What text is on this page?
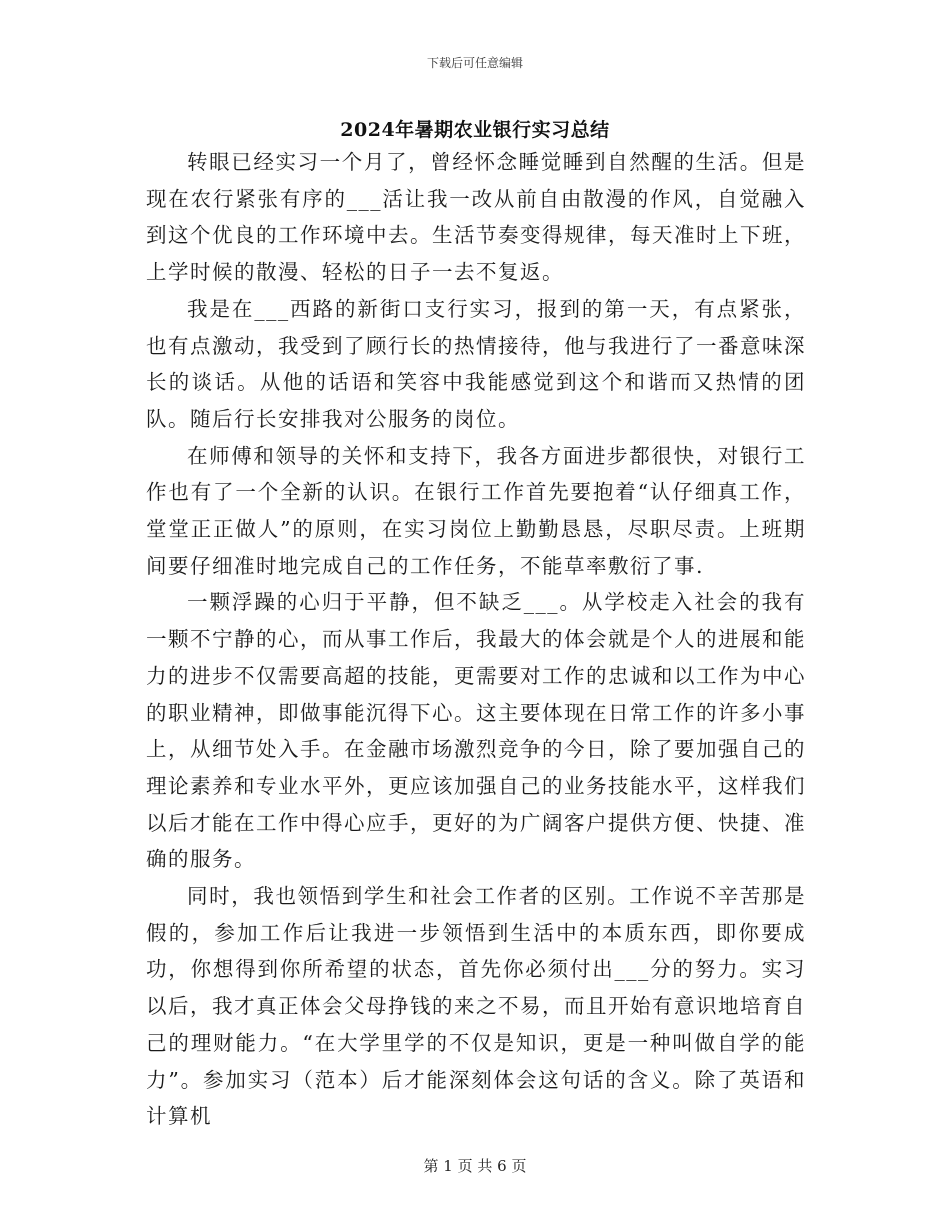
下载后可任意编辑
2024年暑期农业银行实习总结

转眼已经实习一个月了，曾经怀念睡觉睡到自然醒的生活。但是现在农行紧张有序的___活让我一改从前自由散漫的作风，自觉融入到这个优良的工作环境中去。生活节奏变得规律，每天准时上下班，上学时候的散漫、轻松的日子一去不复返。

我是在___西路的新街口支行实习，报到的第一天，有点紧张，也有点激动，我受到了顾行长的热情接待，他与我进行了一番意味深长的谈话。从他的话语和笑容中我能感觉到这个和谐而又热情的团队。随后行长安排我对公服务的岗位。

在师傅和领导的关怀和支持下，我各方面进步都很快，对银行工作也有了一个全新的认识。在银行工作首先要抱着“认仔细真工作，堂堂正正做人”的原则，在实习岗位上勤勤恳恳，尽职尽责。上班期间要仔细准时地完成自己的工作任务，不能草率敷衍了事.

一颗浮躁的心归于平静，但不缺乏___。从学校走入社会的我有一颗不宁静的心，而从事工作后，我最大的体会就是个人的进展和能力的进步不仅需要高超的技能，更需要对工作的忠诚和以工作为中心的职业精神，即做事能沉得下心。这主要体现在日常工作的许多小事上，从细节处入手。在金融市场激烈竞争的今日，除了要加强自己的理论素养和专业水平外，更应该加强自己的业务技能水平，这样我们以后才能在工作中得心应手，更好的为广阔客户提供方便、快捷、准确的服务。

同时，我也领悟到学生和社会工作者的区别。工作说不辛苦那是假的，参加工作后让我进一步领悟到生活中的本质东西，即你要成功，你想得到你所希望的状态，首先你必须付出___分的努力。实习以后，我才真正体会父母挣钱的来之不易，而且开始有意识地培育自己的理财能力。“在大学里学的不仅是知识，更是一种叫做自学的能力”。参加实习（范本）后才能深刻体会这句话的含义。除了英语和计算机

第 1 页 共 6 页
